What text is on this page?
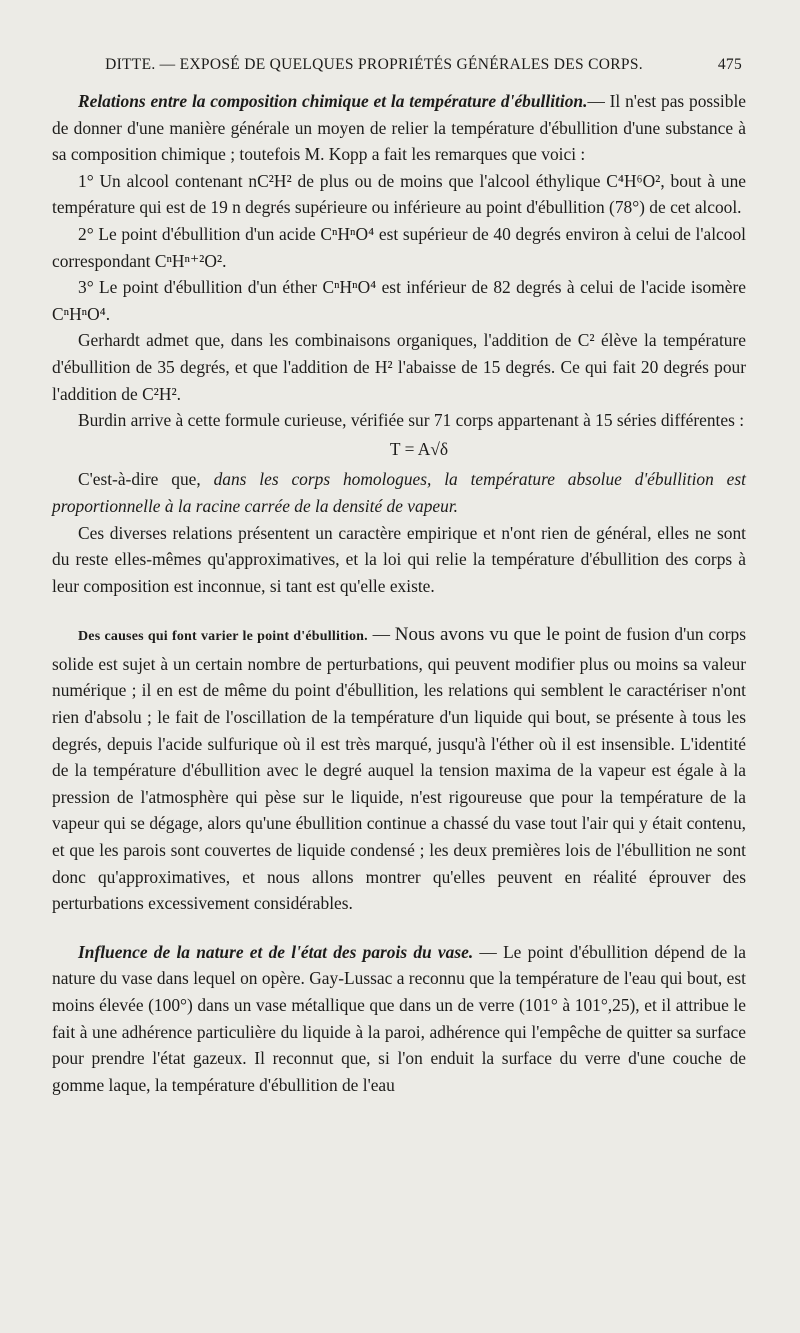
DITTE. — EXPOSÉ DE QUELQUES PROPRIÉTÉS GÉNÉRALES DES CORPS.	475

Relations entre la composition chimique et la température d'ébullition.— Il n'est pas possible de donner d'une manière générale un moyen de relier la température d'ébullition d'une substance à sa composition chimique ; toutefois M. Kopp a fait les remarques que voici :

1° Un alcool contenant nC²H² de plus ou de moins que l'alcool éthylique C⁴H⁶O², bout à une température qui est de 19 n degrés supérieure ou inférieure au point d'ébullition (78°) de cet alcool.

2° Le point d'ébullition d'un acide CⁿHⁿO⁴ est supérieur de 40 degrés environ à celui de l'alcool correspondant CⁿHⁿ⁺²O².

3° Le point d'ébullition d'un éther CⁿHⁿO⁴ est inférieur de 82 degrés à celui de l'acide isomère CⁿHⁿO⁴.

Gerhardt admet que, dans les combinaisons organiques, l'addition de C² élève la température d'ébullition de 35 degrés, et que l'addition de H² l'abaisse de 15 degrés. Ce qui fait 20 degrés pour l'addition de C²H².

Burdin arrive à cette formule curieuse, vérifiée sur 71 corps appartenant à 15 séries différentes :

T = A√δ

C'est-à-dire que, dans les corps homologues, la température absolue d'ébullition est proportionnelle à la racine carrée de la densité de vapeur.

Ces diverses relations présentent un caractère empirique et n'ont rien de général, elles ne sont du reste elles-mêmes qu'approximatives, et la loi qui relie la température d'ébullition des corps à leur composition est inconnue, si tant est qu'elle existe.

Des causes qui font varier le point d'ébullition. — Nous avons vu que le point de fusion d'un corps solide est sujet à un certain nombre de perturbations, qui peuvent modifier plus ou moins sa valeur numérique ; il en est de même du point d'ébullition, les relations qui semblent le caractériser n'ont rien d'absolu ; le fait de l'oscillation de la température d'un liquide qui bout, se présente à tous les degrés, depuis l'acide sulfurique où il est très marqué, jusqu'à l'éther où il est insensible. L'identité de la température d'ébullition avec le degré auquel la tension maxima de la vapeur est égale à la pression de l'atmosphère qui pèse sur le liquide, n'est rigoureuse que pour la température de la vapeur qui se dégage, alors qu'une ébullition continue a chassé du vase tout l'air qui y était contenu, et que les parois sont couvertes de liquide condensé ; les deux premières lois de l'ébullition ne sont donc qu'approximatives, et nous allons montrer qu'elles peuvent en réalité éprouver des perturbations excessivement considérables.

Influence de la nature et de l'état des parois du vase. — Le point d'ébullition dépend de la nature du vase dans lequel on opère. Gay-Lussac a reconnu que la température de l'eau qui bout, est moins élevée (100°) dans un vase métallique que dans un de verre (101° à 101°,25), et il attribue le fait à une adhérence particulière du liquide à la paroi, adhérence qui l'empêche de quitter sa surface pour prendre l'état gazeux. Il reconnut que, si l'on enduit la surface du verre d'une couche de gomme laque, la température d'ébullition de l'eau
